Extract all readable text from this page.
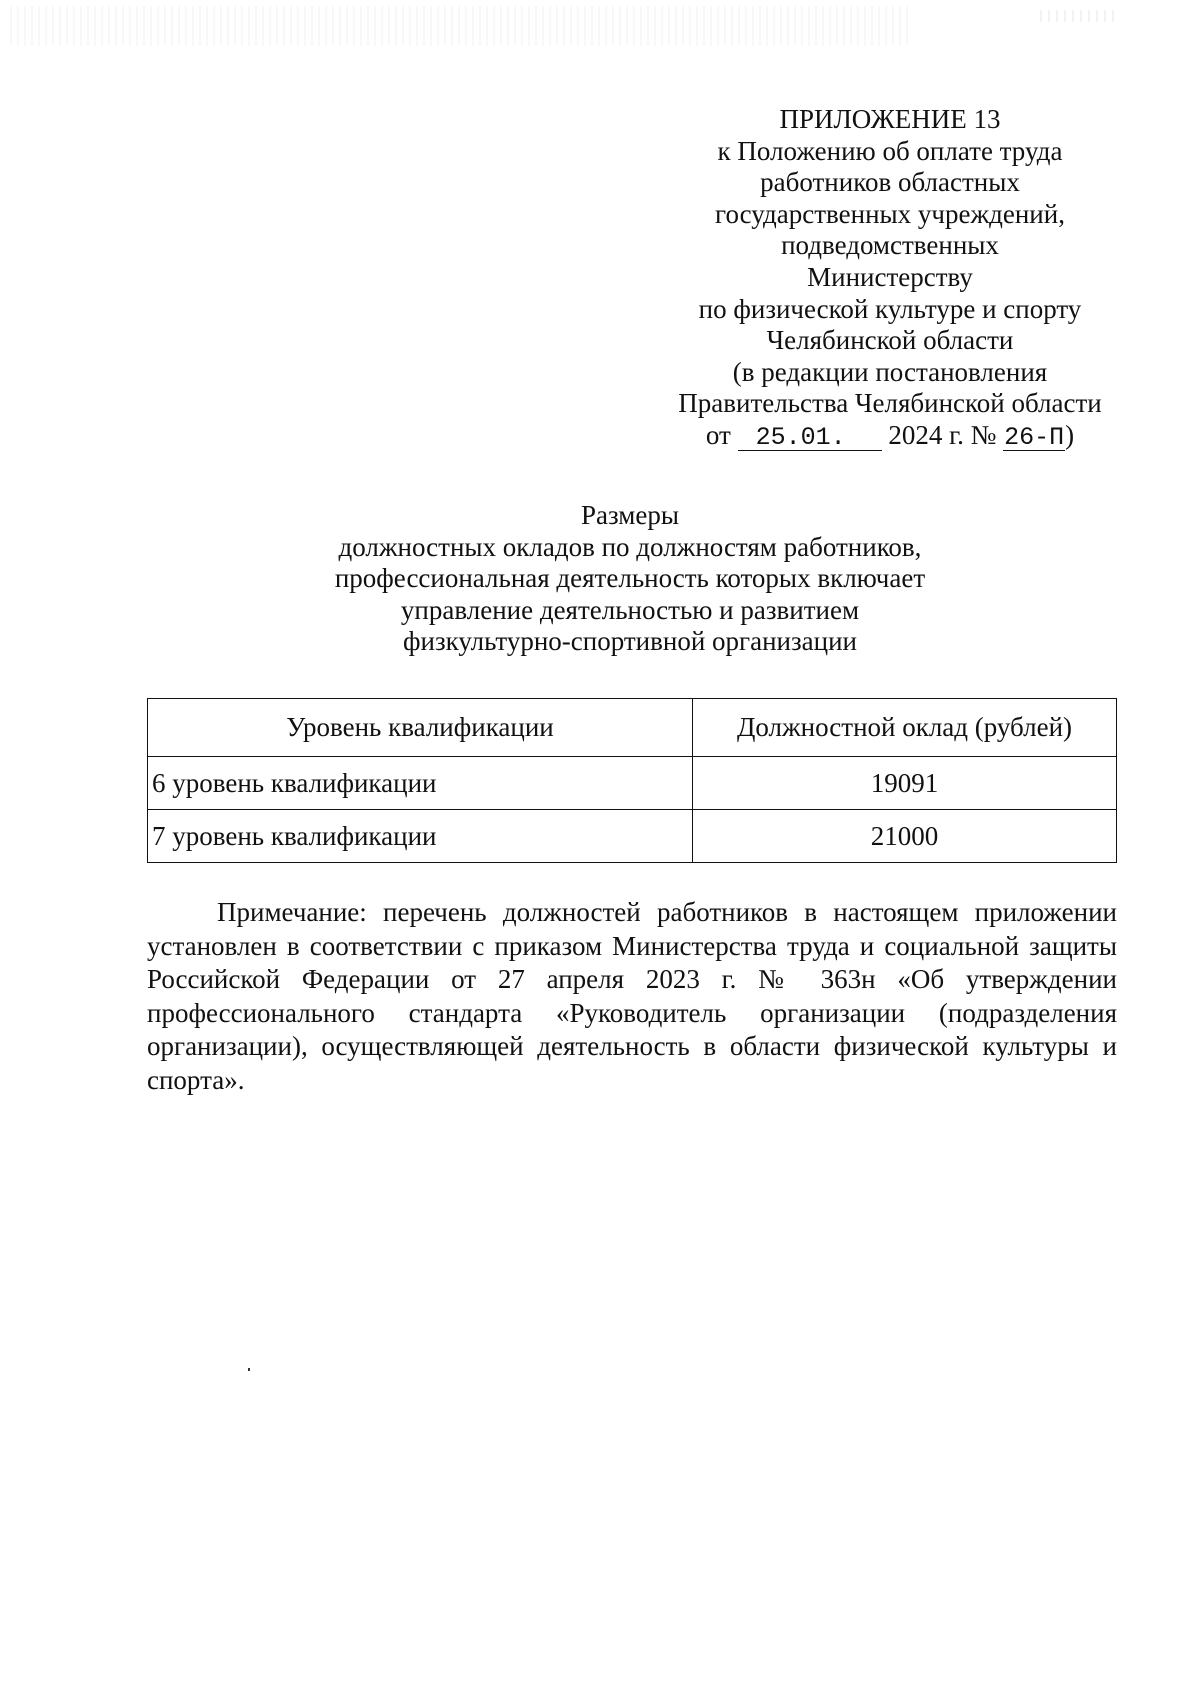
ПРИЛОЖЕНИЕ 13
к Положению об оплате труда
работников областных
государственных учреждений,
подведомственных
Министерству
по физической культуре и спорту
Челябинской области
(в редакции постановления
Правительства Челябинской области
от 25.01. 2024 г. № 26-П)
Размеры
должностных окладов по должностям работников,
профессиональная деятельность которых включает
управление деятельностью и развитием
физкультурно-спортивной организации
Уровень квалификации	Должностной оклад (рублей)
6 уровень квалификации	19091
7 уровень квалификации	21000

Примечание: перечень должностей работников в настоящем приложении установлен в соответствии с приказом Министерства труда и социальной защиты Российской Федерации от 27 апреля 2023 г. № 363н «Об утверждении профессионального стандарта «Руководитель организации (подразделения организации), осуществляющей деятельность в области физической культуры и спорта».
